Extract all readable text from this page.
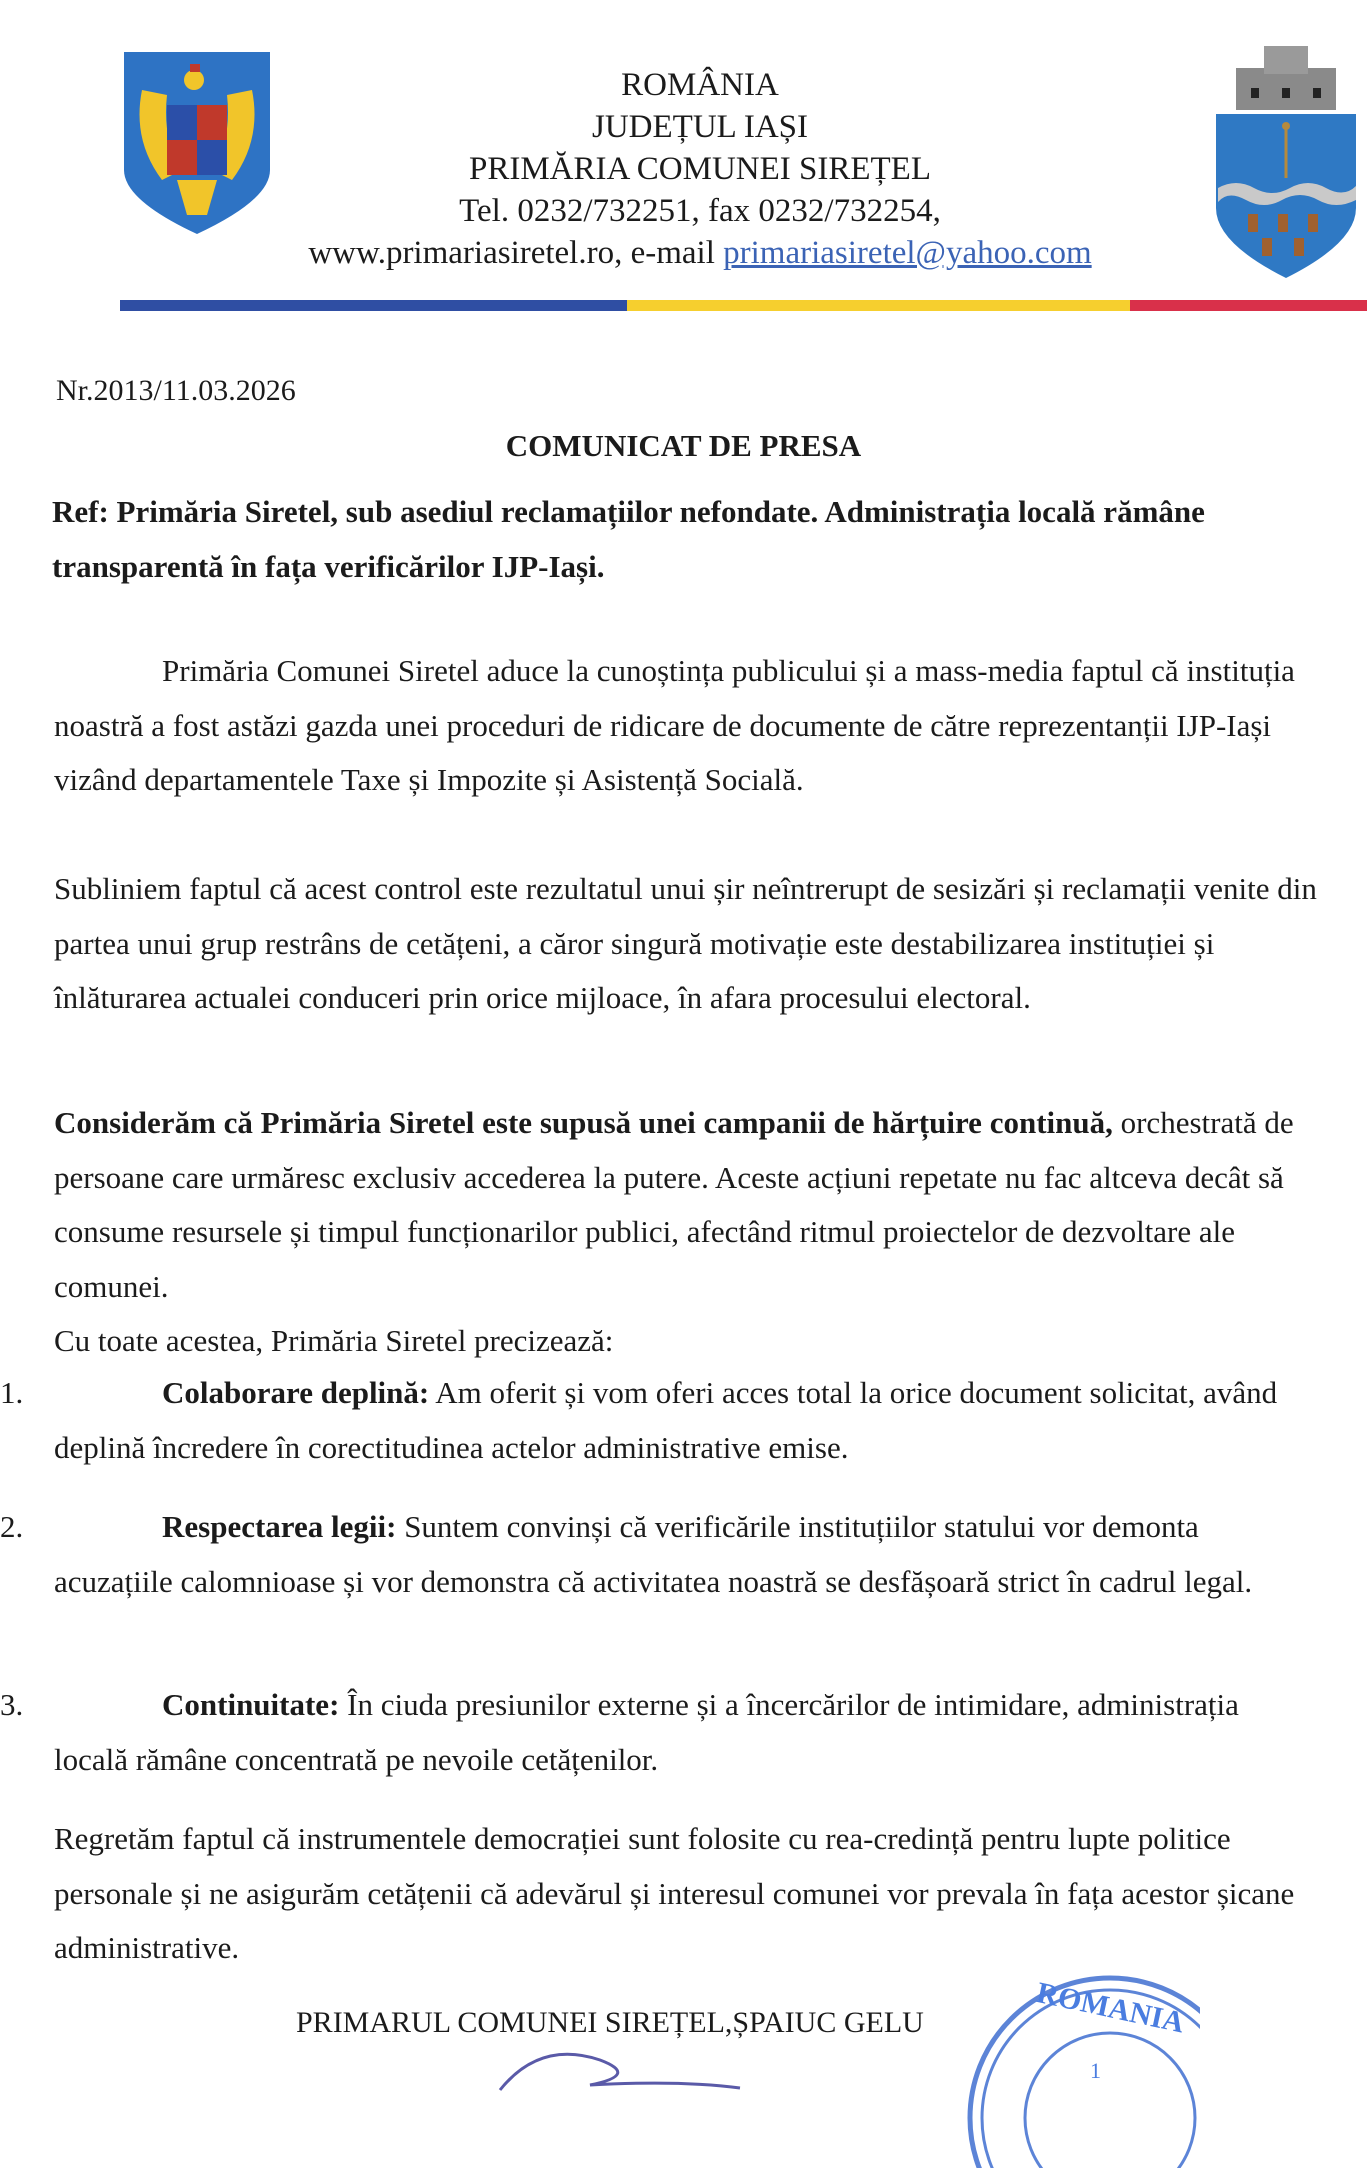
ROMÂNIA
JUDEȚUL IAȘI
PRIMĂRIA COMUNEI SIREȚEL
Tel. 0232/732251, fax 0232/732254,
www.primariasiretel.ro, e-mail primariasiretel@yahoo.com
Nr.2013/11.03.2026
COMUNICAT DE PRESA
Ref: Primăria Siretel, sub asediul reclamațiilor nefondate. Administrația locală rămâne transparentă în fața verificărilor IJP-Iași.
Primăria Comunei Siretel aduce la cunoștința publicului și a mass-media faptul că instituția noastră a fost astăzi gazda unei proceduri de ridicare de documente de către reprezentanții IJP-Iași vizând departamentele Taxe și Impozite și Asistență Socială.
Subliniem faptul că acest control este rezultatul unui șir neîntrerupt de sesizări și reclamații venite din partea unui grup restrâns de cetățeni, a căror singură motivație este destabilizarea instituției și înlăturarea actualei conduceri prin orice mijloace, în afara procesului electoral.
Considerăm că Primăria Siretel este supusă unei campanii de hărțuire continuă, orchestrată de persoane care urmăresc exclusiv accederea la putere. Aceste acțiuni repetate nu fac altceva decât să consume resursele și timpul funcționarilor publici, afectând ritmul proiectelor de dezvoltare ale comunei.
Cu toate acestea, Primăria Siretel precizează:
1.	Colaborare deplină: Am oferit și vom oferi acces total la orice document solicitat, având deplină încredere în corectitudinea actelor administrative emise.
2.	Respectarea legii: Suntem convinși că verificările instituțiilor statului vor demonta acuzațiile calomnioase și vor demonstra că activitatea noastră se desfășoară strict în cadrul legal.
3.	Continuitate: În ciuda presiunilor externe și a încercărilor de intimidare, administrația locală rămâne concentrată pe nevoile cetățenilor.
Regretăm faptul că instrumentele democrației sunt folosite cu rea-credință pentru lupte politice personale și ne asigurăm cetățenii că adevărul și interesul comunei vor prevala în fața acestor șicane administrative.
PRIMARUL COMUNEI SIREȚEL,ȘPAIUC GELU	ROMANIA
1
